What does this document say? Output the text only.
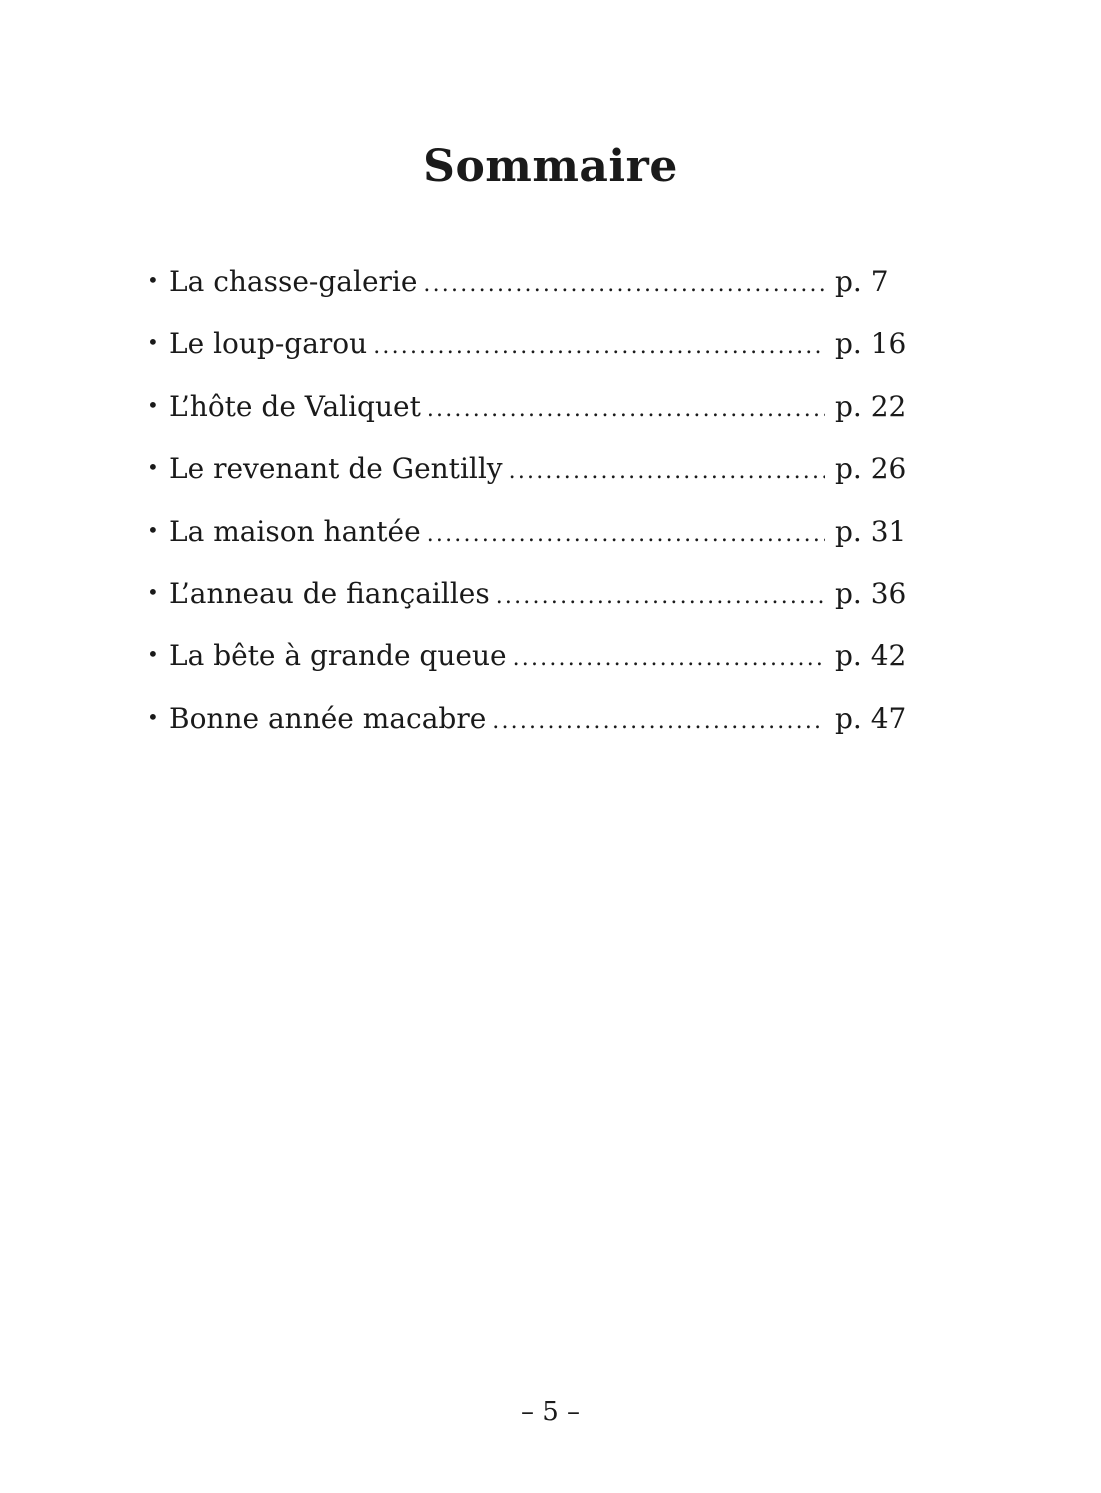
Sommaire
• La chasse-galerie .....	p. 7
• Le loup-garou .....	p. 16
• L’hôte de Valiquet .....	p. 22
• Le revenant de Gentilly .....	p. 26
• La maison hantée .....	p. 31
• L’anneau de fiançailles .....	p. 36
• La bête à grande queue .....	p. 42
• Bonne année macabre .....	p. 47
– 5 –
